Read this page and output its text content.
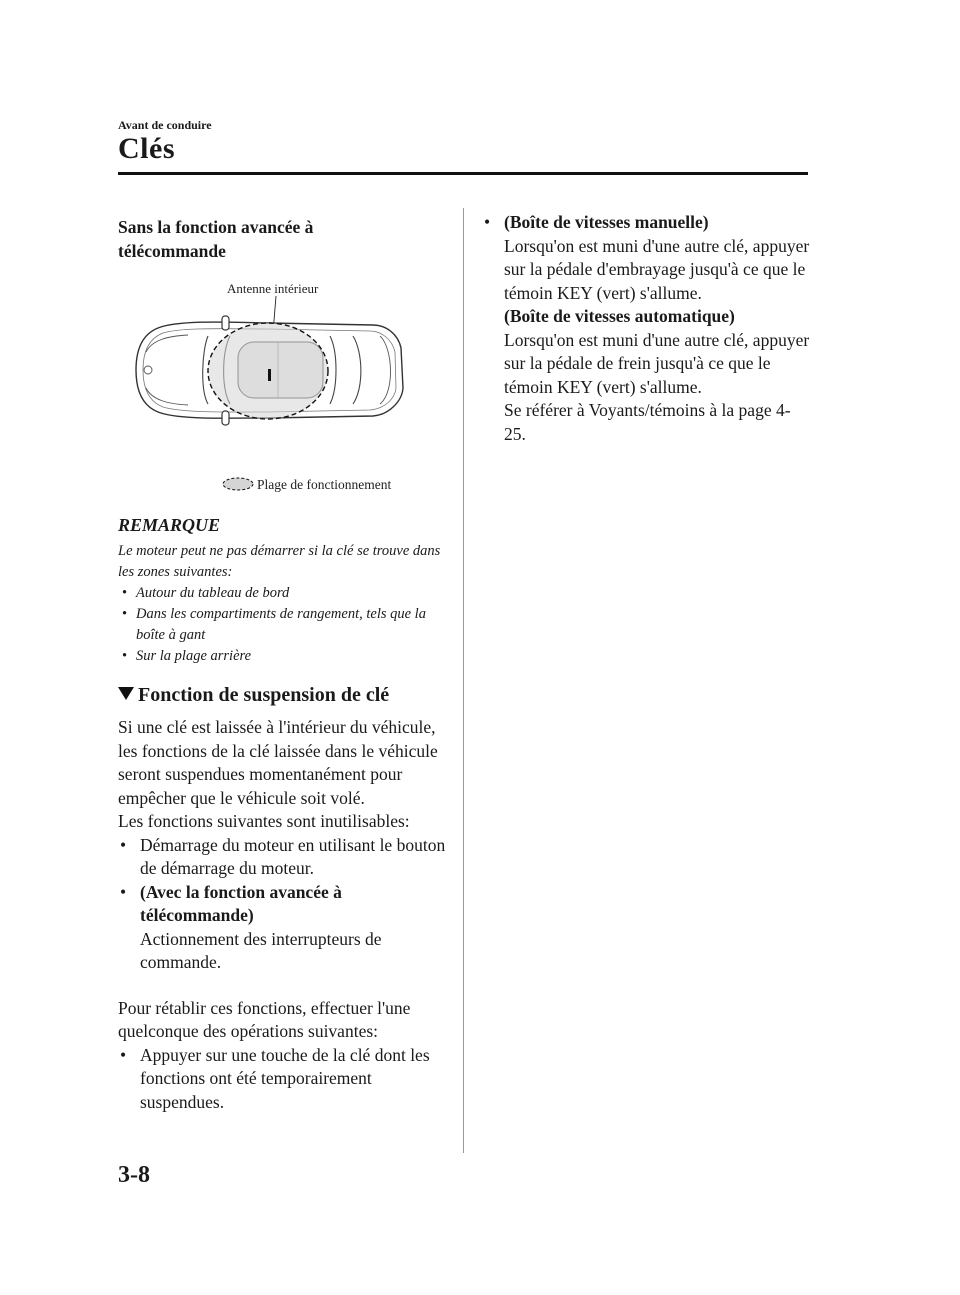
Avant de conduire
Clés
Sans la fonction avancée à
télécommande
Antenne intérieur
Plage de fonctionnement
REMARQUE

Le moteur peut ne pas démarrer si la clé se trouve dans les zones suivantes:

• Autour du tableau de bord
• Dans les compartiments de rangement, tels que la boîte à gant
• Sur la plage arrière
Fonction de suspension de clé

Si une clé est laissée à l'intérieur du véhicule, les fonctions de la clé laissée dans le véhicule seront suspendues momentanément pour empêcher que le véhicule soit volé.

Les fonctions suivantes sont inutilisables:

• Démarrage du moteur en utilisant le bouton de démarrage du moteur.
• (Avec la fonction avancée à télécommande)
Actionnement des interrupteurs de commande.

Pour rétablir ces fonctions, effectuer l'une quelconque des opérations suivantes:

• Appuyer sur une touche de la clé dont les fonctions ont été temporairement suspendues.
• (Boîte de vitesses manuelle)
Lorsqu'on est muni d'une autre clé, appuyer sur la pédale d'embrayage jusqu'à ce que le témoin KEY (vert) s'allume.
(Boîte de vitesses automatique)
Lorsqu'on est muni d'une autre clé, appuyer sur la pédale de frein jusqu'à ce que le témoin KEY (vert) s'allume.
Se référer à Voyants/témoins à la page 4-25.
3-8
